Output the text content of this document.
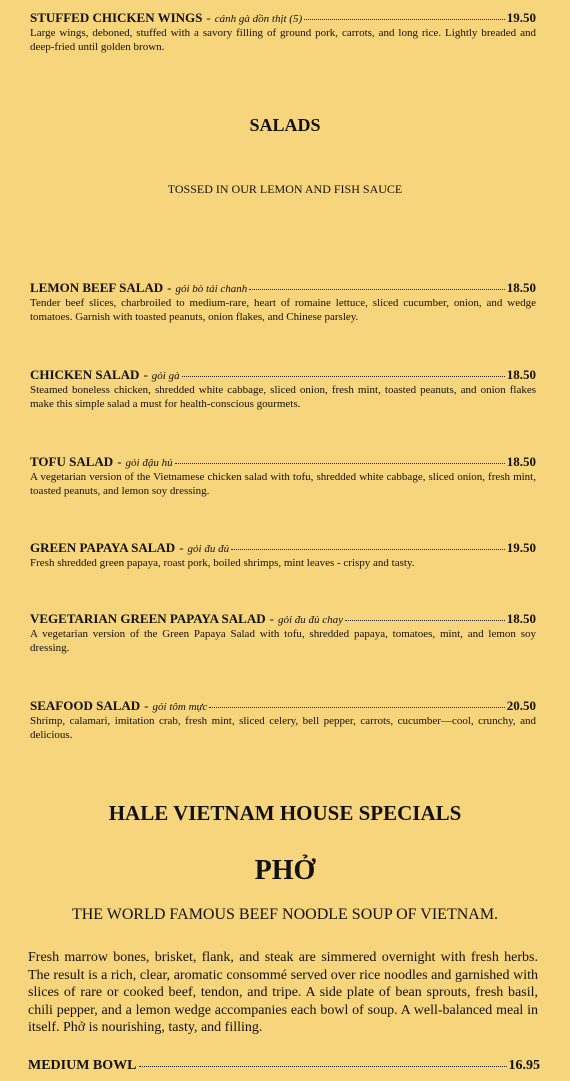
STUFFED CHICKEN WINGS - cánh gà dồn thịt (5)	19.50
Large wings, deboned, stuffed with a savory filling of ground pork, carrots, and long rice. Lightly breaded and deep-fried until golden brown.
SALADS
TOSSED IN OUR LEMON AND FISH SAUCE
LEMON BEEF SALAD - gỏi bò tái chanh	18.50
Tender beef slices, charbroiled to medium-rare, heart of romaine lettuce, sliced cucumber, onion, and wedge tomatoes. Garnish with toasted peanuts, onion flakes, and Chinese parsley.
CHICKEN SALAD - gỏi gà	18.50
Steamed boneless chicken, shredded white cabbage, sliced onion, fresh mint, toasted peanuts, and onion flakes make this simple salad a must for health-conscious gourmets.
TOFU SALAD - gỏi đậu hủ	18.50
A vegetarian version of the Vietnamese chicken salad with tofu, shredded white cabbage, sliced onion, fresh mint, toasted peanuts, and lemon soy dressing.
GREEN PAPAYA SALAD - gỏi đu đủ	19.50
Fresh shredded green papaya, roast pork, boiled shrimps, mint leaves - crispy and tasty.
VEGETARIAN GREEN PAPAYA SALAD - gỏi đu đủ chay	18.50
A vegetarian version of the Green Papaya Salad with tofu, shredded papaya, tomatoes, mint, and lemon soy dressing.
SEAFOOD SALAD - gỏi tôm mực	20.50
Shrimp, calamari, imitation crab, fresh mint, sliced celery, bell pepper, carrots, cucumber—cool, crunchy, and delicious.
HALE VIETNAM HOUSE SPECIALS
PHỞ
THE WORLD FAMOUS BEEF NOODLE SOUP OF VIETNAM.
Fresh marrow bones, brisket, flank, and steak are simmered overnight with fresh herbs. The result is a rich, clear, aromatic consommé served over rice noodles and garnished with slices of rare or cooked beef, tendon, and tripe. A side plate of bean sprouts, fresh basil, chili pepper, and a lemon wedge accompanies each bowl of soup. A well-balanced meal in itself. Phở is nourishing, tasty, and filling.
MEDIUM BOWL	16.95
